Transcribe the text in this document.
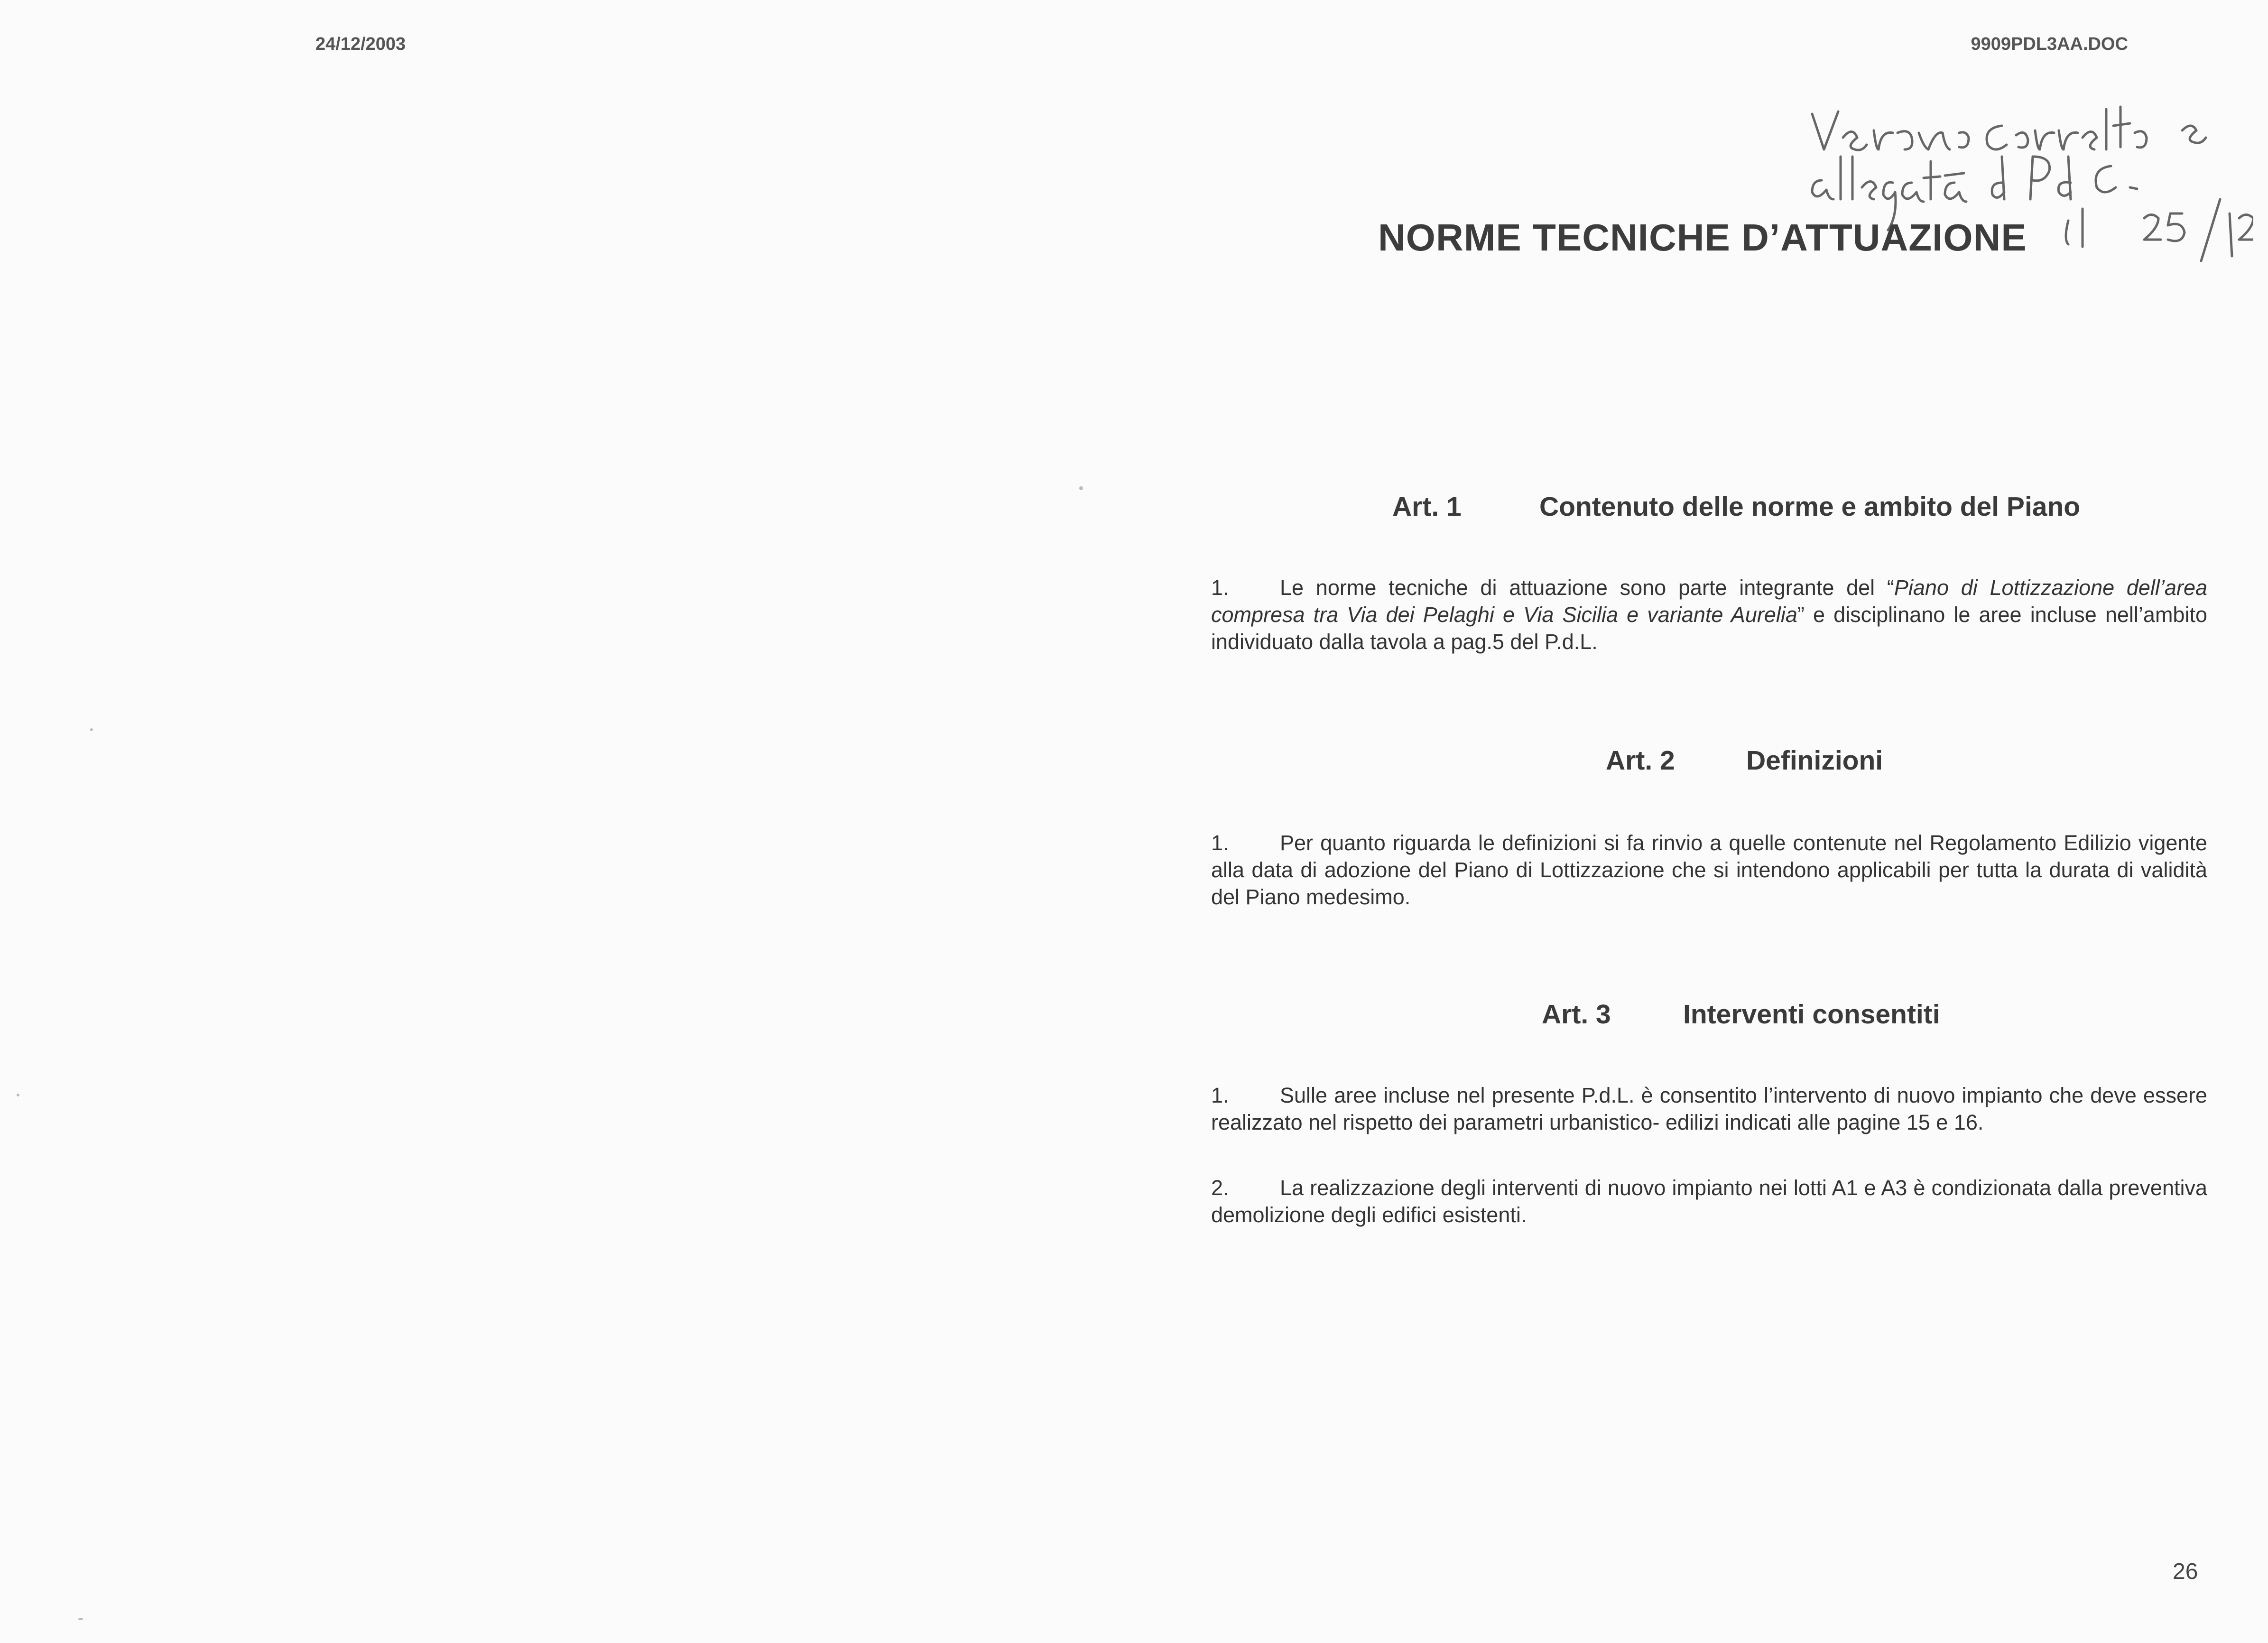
24/12/2003	9909PDL3AA.DOC
NORME TECNICHE D’ATTUAZIONE
Art. 1	Contenuto delle norme e ambito del Piano

1. Le norme tecniche di attuazione sono parte integrante del “Piano di Lottizzazione dell’area compresa tra Via dei Pelaghi e Via Sicilia e variante Aurelia” e disciplinano le aree incluse nell’ambito individuato dalla tavola a pag.5 del P.d.L.

Art. 2	Definizioni

1. Per quanto riguarda le definizioni si fa rinvio a quelle contenute nel Regolamento Edilizio vigente alla data di adozione del Piano di Lottizzazione che si intendono applicabili per tutta la durata di validità del Piano medesimo.

Art. 3	Interventi consentiti

1. Sulle aree incluse nel presente P.d.L. è consentito l’intervento di nuovo impianto che deve essere realizzato nel rispetto dei parametri urbanistico- edilizi indicati alle pagine 15 e 16.

2. La realizzazione degli interventi di nuovo impianto nei lotti A1 e A3 è condizionata dalla preventiva demolizione degli edifici esistenti.

26
